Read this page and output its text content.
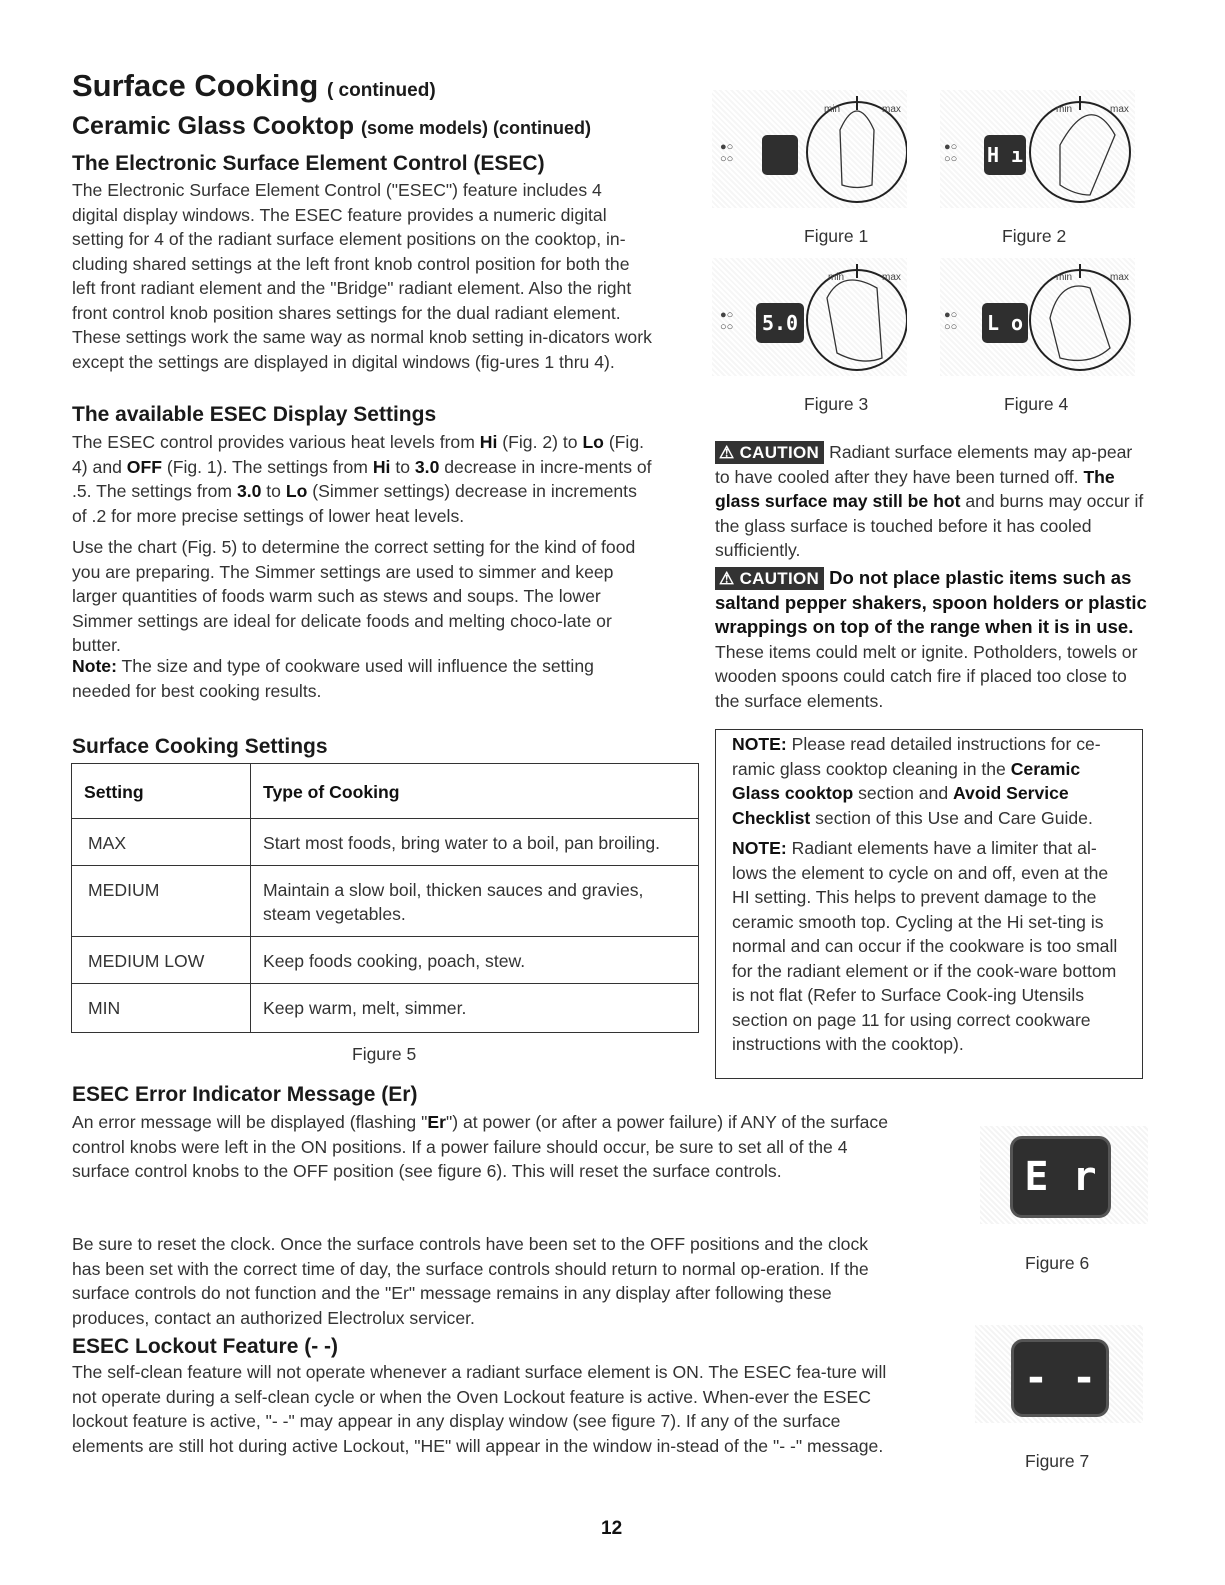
Surface Cooking ( continued)
Ceramic Glass Cooktop (some models) (continued)
The Electronic Surface Element Control (ESEC)
The Electronic Surface Element Control ("ESEC") feature includes 4 digital display windows. The ESEC feature provides a numeric digital setting for 4 of the radiant surface element positions on the cooktop, in-cluding shared settings at the left front knob control position for both the left front radiant element and the "Bridge" radiant element. Also the right front control knob position shares settings for the dual radiant element. These settings work the same way as normal knob setting in-dicators work except the settings are displayed in digital windows (fig-ures 1 thru 4).
The available ESEC Display Settings
The ESEC control provides various heat levels from Hi (Fig. 2) to Lo (Fig. 4) and OFF (Fig. 1). The settings from Hi to 3.0 decrease in incre-ments of .5. The settings from 3.0 to Lo (Simmer settings) decrease in increments of .2 for more precise settings of lower heat levels.
Use the chart (Fig. 5) to determine the correct setting for the kind of food you are preparing. The Simmer settings are used to simmer and keep larger quantities of foods warm such as stews and soups. The lower Simmer settings are ideal for delicate foods and melting choco-late or butter.
Note: The size and type of cookware used will influence the setting needed for best cooking results.
Surface Cooking Settings
Setting	Type of Cooking
MAX	Start most foods, bring water to a boil, pan broiling.
MEDIUM	Maintain a slow boil, thicken sauces and gravies, steam vegetables.
MEDIUM LOW	Keep foods cooking, poach, stew.
MIN	Keep warm, melt, simmer.
Figure 5
●○
○○
min	max
●○
○○ H ı
min	max
Figure 1	Figure 2
●○
○○ 5.0
min	max
●○
○○ L o
min	max
Figure 3	Figure 4
⚠ CAUTION Radiant surface elements may ap-pear to have cooled after they have been turned off. The glass surface may still be hot and burns may occur if the glass surface is touched before it has cooled sufficiently.
⚠ CAUTION Do not place plastic items such as saltand pepper shakers, spoon holders or plastic wrappings on top of the range when it is in use. These items could melt or ignite. Potholders, towels or wooden spoons could catch fire if placed too close to the surface elements.
NOTE: Please read detailed instructions for ce-ramic glass cooktop cleaning in the Ceramic Glass cooktop section and Avoid Service Checklist section of this Use and Care Guide.
NOTE: Radiant elements have a limiter that al-lows the element to cycle on and off, even at the HI setting. This helps to prevent damage to the ceramic smooth top. Cycling at the Hi set-ting is normal and can occur if the cookware is too small for the radiant element or if the cook-ware bottom is not flat (Refer to Surface Cook-ing Utensils section on page 11 for using correct cookware instructions with the cooktop).
ESEC Error Indicator Message (Er)
An error message will be displayed (flashing "Er") at power (or after a power failure) if ANY of the surface control knobs were left in the ON positions. If a power failure should occur, be sure to set all of the 4 surface control knobs to the OFF position (see figure 6). This will reset the surface controls.
Be sure to reset the clock. Once the surface controls have been set to the OFF positions and the clock has been set with the correct time of day, the surface controls should return to normal op-eration. If the surface controls do not function and the "Er" message remains in any display after following these produces, contact an authorized Electrolux servicer.
E r
Figure 6
ESEC Lockout Feature (- -)
The self-clean feature will not operate whenever a radiant surface element is ON. The ESEC fea-ture will not operate during a self-clean cycle or when the Oven Lockout feature is active. When-ever the ESEC lockout feature is active, "- -" may appear in any display window (see figure 7). If any of the surface elements are still hot during active Lockout, "HE" will appear in the window in-stead of the "- -" message.
- -
Figure 7
12
